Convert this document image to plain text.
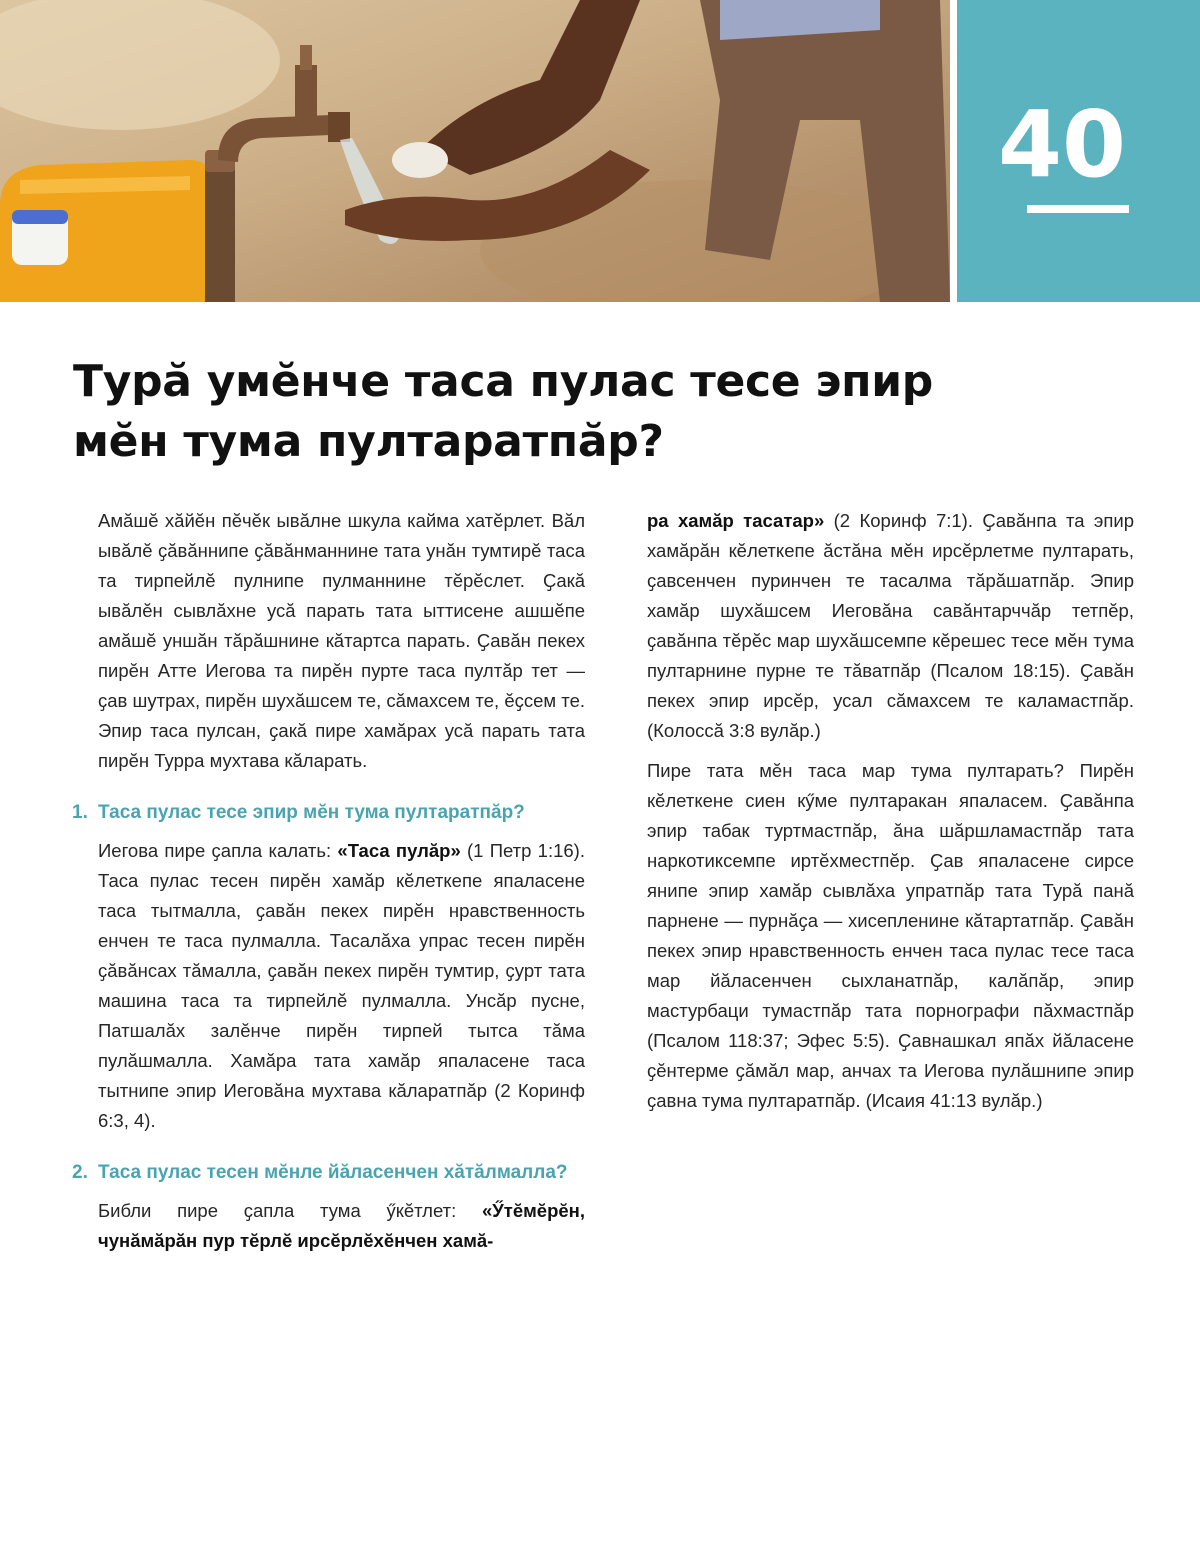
40
Турӑ умӗнче таса пулас тесе эпир
мӗн тума пултаратпӑр?

Амӑшӗ хӑйӗн пӗчӗк ывӑлне шкула кайма хатӗрлет. Вӑл ывӑлӗ ҫӑвӑннипе ҫӑвӑнманнине тата унӑн тумтирӗ таса та тирпейлӗ пулнипе пулманнине тӗрӗслет. Ҫакӑ ывӑлӗн сывлӑхне усӑ парать тата ыттисене ашшӗпе амӑшӗ уншӑн тӑрӑшнине кӑтартса парать. Ҫавӑн пекех пирӗн Атте Иегова та пирӗн пурте таса пултӑр тет — ҫав шутрах, пирӗн шухӑшсем те, сӑмахсем те, ӗҫсем те. Эпир таса пулсан, ҫакӑ пире хамӑрах усӑ парать тата пирӗн Турра мухтава кӑларать.

1. Таса пулас тесе эпир мӗн тума пултаратпӑр?

Иегова пире ҫапла калать: «Таса пулӑр» (1 Петр 1:16). Таса пулас тесен пирӗн хамӑр кӗлеткепе япаласене таса тытмалла, ҫавӑн пекех пирӗн нравственность енчен те таса пулмалла. Тасалӑха упрас тесен пирӗн ҫӑвӑнсах тӑмалла, ҫавӑн пекех пирӗн тумтир, ҫурт тата машина таса та тирпейлӗ пулмалла. Унсӑр пусне, Патшалӑх залӗнче пирӗн тирпей тытса тӑма пулӑшмалла. Хамӑра тата хамӑр япаласене таса тытнипе эпир Иеговӑна мухтава кӑларатпӑр (2 Коринф 6:3, 4).

2. Таса пулас тесен мӗнле йӑласенчен хӑтӑлмалла?

Библи пире ҫапла тума ӳкӗтлет: «Ӳтӗмӗрӗн, чунӑмӑрӑн пур тӗрлӗ ирсӗрлӗхӗнчен хамӑ-

ра хамӑр тасатар» (2 Коринф 7:1). Ҫавӑнпа та эпир хамӑрӑн кӗлеткепе ӑстӑна мӗн ирсӗрлетме пултарать, ҫавсенчен пуринчен те тасалма тӑрӑшатпӑр. Эпир хамӑр шухӑшсем Иеговӑна савӑнтарччӑр тетпӗр, ҫавӑнпа тӗрӗс мар шухӑшсемпе кӗрешес тесе мӗн тума пултарнине пурне те тӑватпӑр (Псалом 18:15). Ҫавӑн пекех эпир ирсӗр, усал сӑмахсем те каламастпӑр. (Колоссӑ 3:8 вулӑр.)

Пире тата мӗн таса мар тума пултарать? Пирӗн кӗлеткене сиен кӳме пултаракан япаласем. Ҫавӑнпа эпир табак туртмастпӑр, ӑна шӑршламастпӑр тата наркотиксемпе иртӗхместпӗр. Ҫав япаласене сирсе янипе эпир хамӑр сывлӑха упратпӑр тата Турӑ панӑ парнене — пурнӑҫа — хисепленине кӑтартатпӑр. Ҫавӑн пекех эпир нравственность енчен таса пулас тесе таса мар йӑласенчен сыхланатпӑр, калӑпӑр, эпир мастурбаци тумастпӑр тата порнографи пӑхмастпӑр (Псалом 118:37; Эфес 5:5). Ҫавнашкал япӑх йӑласене ҫӗнтерме ҫӑмӑл мар, анчах та Иегова пулӑшнипе эпир ҫавна тума пултаратпӑр. (Исаия 41:13 вулӑр.)
